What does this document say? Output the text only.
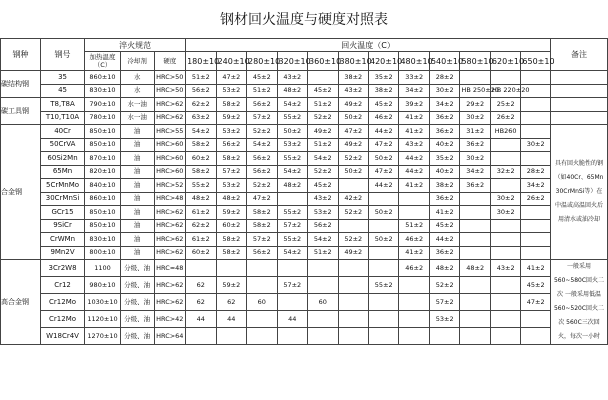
钢材回火温度与硬度对照表
钢种	钢号	淬火规范			回火温度（C）												备注
		加热温度（C）	冷却剂	硬度	180±10	240±10	280±10	320±10	360±10	380±10	420±10	480±10	540±10	580±10	620±10	650±10	
碳结构钢	35	860±10	水	HRC>50	51±2	47±2	45±2	43±2		38±2	35±2	33±2	28±2				
	45	830±10	水	HRC>50	56±2	53±2	51±2	48±2	45±2	43±2	38±2	34±2	30±2	HB 250±20	HB 220±20		
碳工具钢	T8,T8A	790±10	水一油	HRC>62	62±2	58±2	56±2	54±2	51±2	49±2	45±2	39±2	34±2	29±2	25±2		
	T10,T10A	780±10	水一油	HRC>62	63±2	59±2	57±2	55±2	52±2	50±2	46±2	41±2	36±2	30±2	26±2		
合金钢	40Cr	850±10	油	HRC>55	54±2	53±2	52±2	50±2	49±2	47±2	44±2	41±2	36±2	31±2	HB260		具有回火脆性的钢（如40Cr、65Mn 30CrMnSi等）在中温或高温回火后用清水或油冷却
	50CrVA	850±10	油	HRC>60	58±2	56±2	54±2	53±2	51±2	49±2	47±2	43±2	40±2	36±2		30±2	
	60Si2Mn	870±10	油	HRC>60	60±2	58±2	56±2	55±2	54±2	52±2	50±2	44±2	35±2	30±2			
	65Mn	820±10	油	HRC>60	58±2	57±2	56±2	54±2	52±2	50±2	47±2	44±2	40±2	34±2	32±2	28±2	
	5CrMnMo	840±10	油	HRC>52	55±2	53±2	52±2	48±2	45±2		44±2	41±2	38±2	36±2		34±2	
	30CrMnSi	860±10	油	HRC>48	48±2	48±2	47±2		43±2	42±2			36±2		30±2	26±2	
	GCr15	850±10	油	HRC>62	61±2	59±2	58±2	55±2	53±2	52±2	50±2		41±2		30±2		
	9SiCr	850±10	油	HRC>62	62±2	60±2	58±2	57±2	56±2			51±2	45±2				
	CrWMn	830±10	油	HRC>62	61±2	58±2	57±2	55±2	54±2	52±2	50±2	46±2	44±2				
	9Mn2V	800±10	油	HRC>62	60±2	58±2	56±2	54±2	51±2	49±2		41±2	36±2				
高合金钢	3Cr2W8	1100	分级、油	HRC≈48								46±2	48±2	48±2	43±2	41±2	一般采用560~580C回火二次 一般采用低温560~520C回火二次 560C三次回火，每次一小时
	Cr12	980±10	分级、油	HRC>62	62	59±2		57±2			55±2		52±2			45±2	
	Cr12Mo	1030±10	分级、油	HRC>62	62	62	60		60				57±2			47±2	
	Cr12Mo	1120±10	分级、油	HRC>42	44	44		44					53±2				
	W18Cr4V	1270±10	分级、油	HRC>64													
